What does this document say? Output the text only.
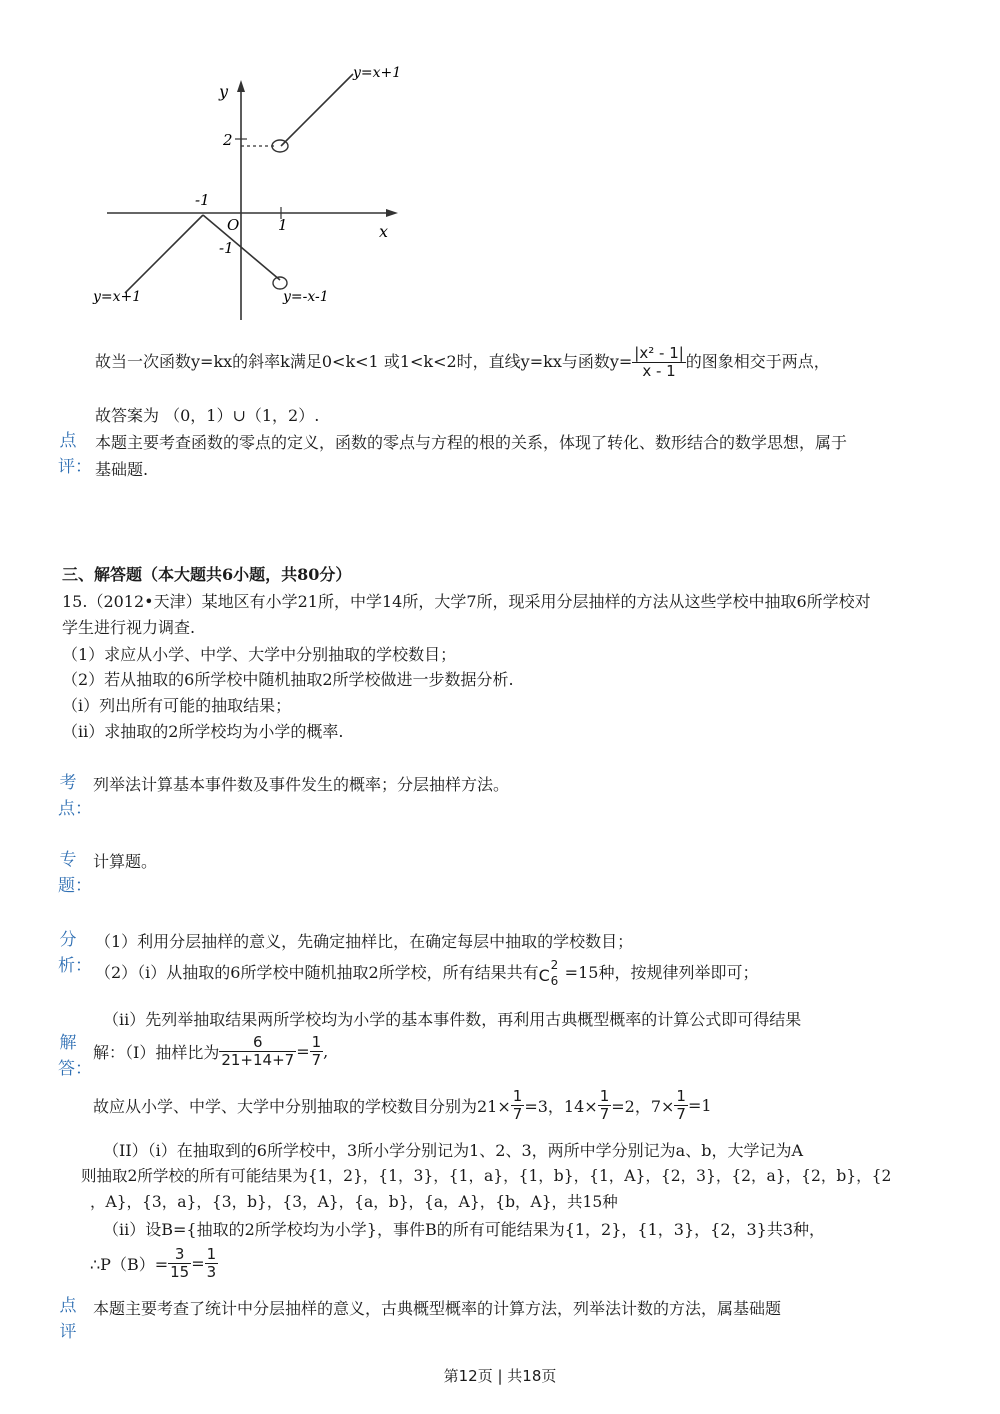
y
x
O
2
-1
-1
1
y=x+1
y=x+1	y=-x-1
故当一次函数y=kx的斜率k满足0<k<1 或1<k<2时，直线y=kx与函数$y= \frac{\text{|x² - 1|}}{x - 1}$ 的图象相交于两点，
故答案为 （0，1）∪（1，2）.
点评：
本题主要考查函数的零点的定义，函数的零点与方程的根的关系，体现了转化、数形结合的数学思想，属于
基础题.
三、解答题（本大题共6小题，共80分）
15.（2012•天津）某地区有小学21所，中学14所，大学7所，现采用分层抽样的方法从这些学校中抽取6所学校对
学生进行视力调查.
（1）求应从小学、中学、大学中分别抽取的学校数目；
（2）若从抽取的6所学校中随机抽取2所学校做进一步数据分析.
（ⅰ）列出所有可能的抽取结果；
（ⅱ）求抽取的2所学校均为小学的概率.
考点：
列举法计算基本事件数及事件发生的概率；分层抽样方法。
专题：
计算题。
分析：
（1）利用分层抽样的意义，先确定抽样比，在确定每层中抽取的学校数目；
（2）（i）从抽取的6所学校中随机抽取2所学校，所有结果共有 C
2
6 =15种，按规律列举即可；
（ii）先列举抽取结果两所学校均为小学的基本事件数，再利用古典概型概率的计算公式即可得结果
解答：
解：（I）抽样比为 $\frac{6}{21+14+7} = \frac{1}{7}$ ,
故应从小学、中学、大学中分别抽取的学校数目分别为$21\times \frac{1}{7} =3$，$14\times \frac{1}{7} =2$，$7\times \frac{1}{7} =1$
（II）（i）在抽取到的6所学校中，3所小学分别记为1、2、3，两所中学分别记为a、b，大学记为A
则抽取2所学校的所有可能结果为{1，2}，{1，3}，{1，a}，{1，b}，{1，A}，{2，3}，{2，a}，{2，b}，{2
，A}，{3，a}，{3，b}，{3，A}，{a，b}，{a，A}，{b，A}，共15种
（ii）设B={抽取的2所学校均为小学}，事件B的所有可能结果为{1，2}，{1，3}，{2，3}共3种，
∴P（B）= $\frac{3}{15} = \frac{1}{3}$
点评
本题主要考查了统计中分层抽样的意义，古典概型概率的计算方法，列举法计数的方法，属基础题
第12页 | 共18页
